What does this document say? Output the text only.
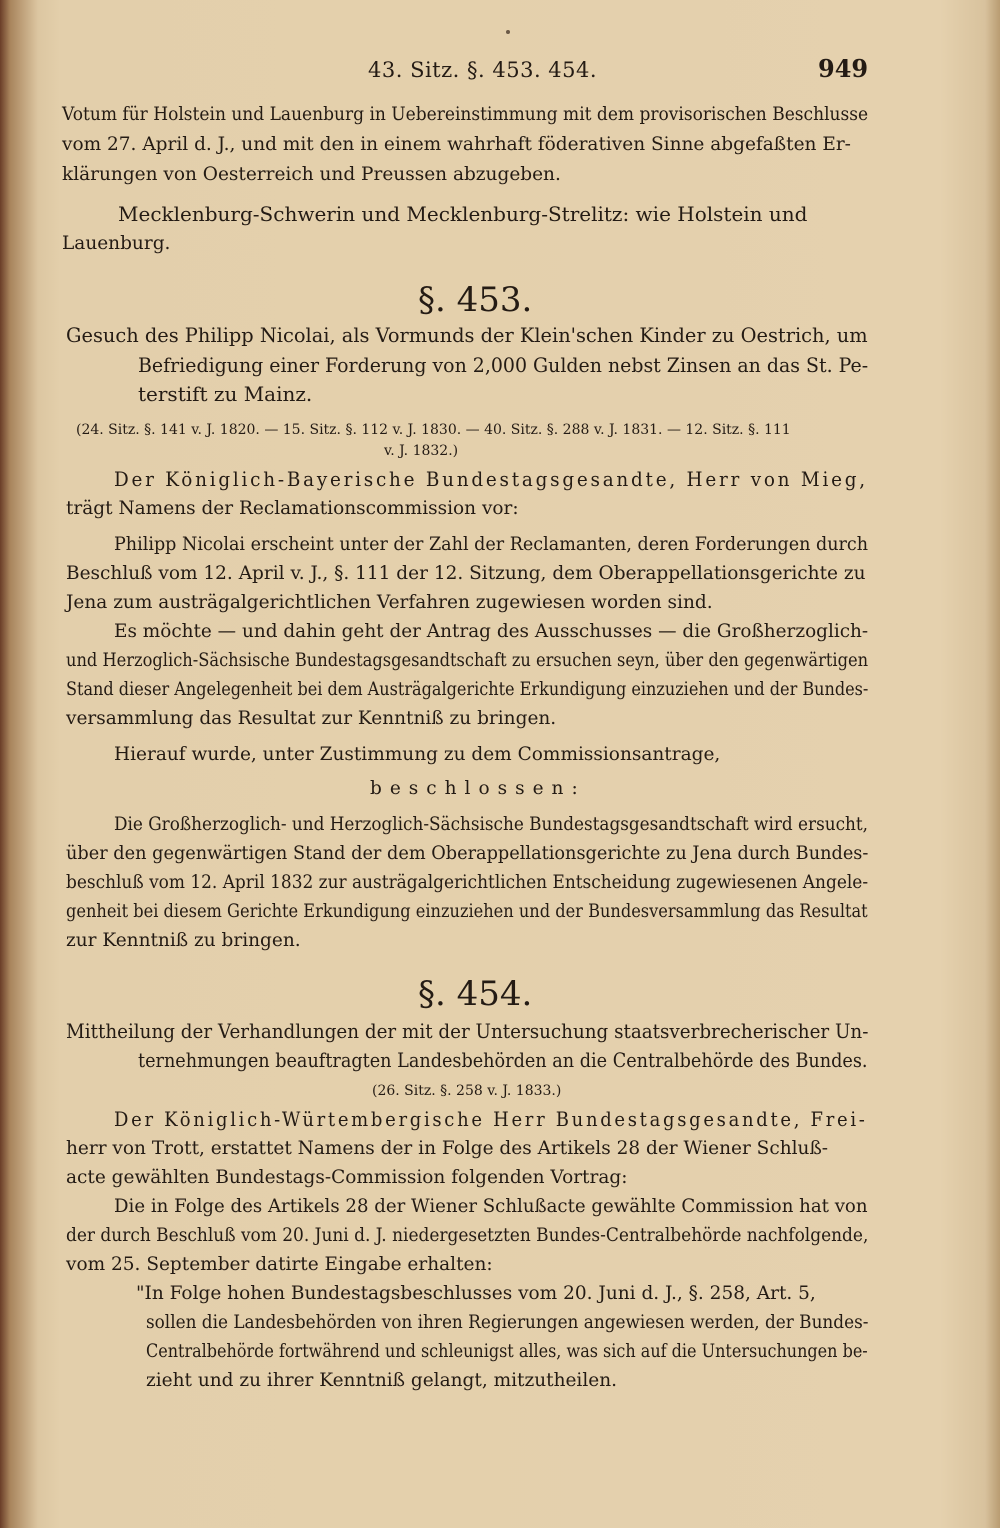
43. Sitz. §. 453. 454.	949
Votum für Holstein und Lauenburg in Uebereinstimmung mit dem provisorischen Beschlusse
vom 27. April d. J., und mit den in einem wahrhaft föderativen Sinne abgefaßten Er-
klärungen von Oesterreich und Preussen abzugeben.
Mecklenburg-Schwerin und Mecklenburg-Strelitz: wie Holstein und
Lauenburg.
§. 453.
Gesuch des Philipp Nicolai, als Vormunds der Klein'schen Kinder zu Oestrich, um
Befriedigung einer Forderung von 2,000 Gulden nebst Zinsen an das St. Pe-
terstift zu Mainz.
(24. Sitz. §. 141 v. J. 1820. — 15. Sitz. §. 112 v. J. 1830. — 40. Sitz. §. 288 v. J. 1831. — 12. Sitz. §. 111
v. J. 1832.)
Der Königlich-Bayerische Bundestagsgesandte, Herr von Mieg,
trägt Namens der Reclamationscommission vor:
Philipp Nicolai erscheint unter der Zahl der Reclamanten, deren Forderungen durch
Beschluß vom 12. April v. J., §. 111 der 12. Sitzung, dem Oberappellationsgerichte zu
Jena zum austrägalgerichtlichen Verfahren zugewiesen worden sind.
Es möchte — und dahin geht der Antrag des Ausschusses — die Großherzoglich-
und Herzoglich-Sächsische Bundestagsgesandtschaft zu ersuchen seyn, über den gegenwärtigen
Stand dieser Angelegenheit bei dem Austrägalgerichte Erkundigung einzuziehen und der Bundes-
versammlung das Resultat zur Kenntniß zu bringen.
Hierauf wurde, unter Zustimmung zu dem Commissionsantrage,
beschlossen:
Die Großherzoglich- und Herzoglich-Sächsische Bundestagsgesandtschaft wird ersucht,
über den gegenwärtigen Stand der dem Oberappellationsgerichte zu Jena durch Bundes-
beschluß vom 12. April 1832 zur austrägalgerichtlichen Entscheidung zugewiesenen Angele-
genheit bei diesem Gerichte Erkundigung einzuziehen und der Bundesversammlung das Resultat
zur Kenntniß zu bringen.
§. 454.
Mittheilung der Verhandlungen der mit der Untersuchung staatsverbrecherischer Un-
ternehmungen beauftragten Landesbehörden an die Centralbehörde des Bundes.
(26. Sitz. §. 258 v. J. 1833.)
Der Königlich-Würtembergische Herr Bundestagsgesandte, Frei-
herr von Trott, erstattet Namens der in Folge des Artikels 28 der Wiener Schluß-
acte gewählten Bundestags-Commission folgenden Vortrag:
Die in Folge des Artikels 28 der Wiener Schlußacte gewählte Commission hat von
der durch Beschluß vom 20. Juni d. J. niedergesetzten Bundes-Centralbehörde nachfolgende,
vom 25. September datirte Eingabe erhalten:
"In Folge hohen Bundestagsbeschlusses vom 20. Juni d. J., §. 258, Art. 5,
sollen die Landesbehörden von ihren Regierungen angewiesen werden, der Bundes-
Centralbehörde fortwährend und schleunigst alles, was sich auf die Untersuchungen be-
zieht und zu ihrer Kenntniß gelangt, mitzutheilen.
